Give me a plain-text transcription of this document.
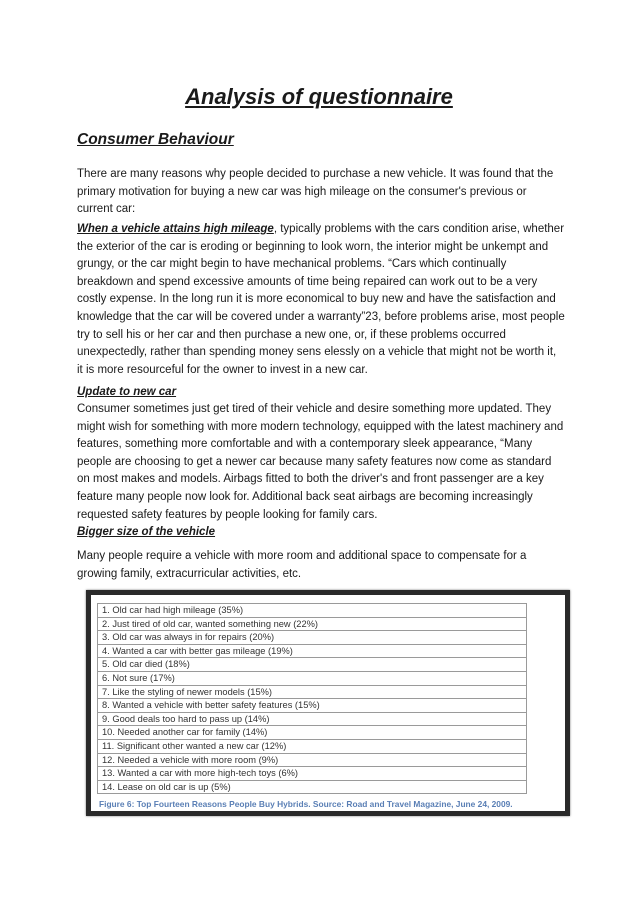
Analysis of questionnaire
Consumer Behaviour

There are many reasons why people decided to purchase a new vehicle. It was found that the primary motivation for buying a new car was high mileage on the consumer's previous or current car:

When a vehicle attains high mileage, typically problems with the cars condition arise, whether the exterior of the car is eroding or beginning to look worn, the interior might be unkempt and grungy, or the car might begin to have mechanical problems. “Cars which continually breakdown and spend excessive amounts of time being repaired can work out to be a very costly expense. In the long run it is more economical to buy new and have the satisfaction and knowledge that the car will be covered under a warranty”23, before problems arise, most people try to sell his or her car and then purchase a new one, or, if these problems occurred unexpectedly, rather than spending money sens elessly on a vehicle that might not be worth it, it is more resourceful for the owner to invest in a new car.

Update to new car

Consumer sometimes just get tired of their vehicle and desire something more updated. They might wish for something with more modern technology, equipped with the latest machinery and features, something more comfortable and with a contemporary sleek appearance, “Many people are choosing to get a newer car because many safety features now come as standard on most makes and models. Airbags fitted to both the driver's and front passenger are a key feature many people now look for. Additional back seat airbags are becoming increasingly requested safety features by people looking for family cars.

Bigger size of the vehicle

Many people require a vehicle with more room and additional space to compensate for a growing family, extracurricular activities, etc.

1. Old car had high mileage (35%)
2. Just tired of old car, wanted something new (22%)
3. Old car was always in for repairs (20%)
4. Wanted a car with better gas mileage (19%)
5. Old car died (18%)
6. Not sure (17%)
7. Like the styling of newer models (15%)
8. Wanted a vehicle with better safety features (15%)
9. Good deals too hard to pass up (14%)
10. Needed another car for family (14%)
11. Significant other wanted a new car (12%)
12. Needed a vehicle with more room (9%)
13. Wanted a car with more high-tech toys (6%)
14. Lease on old car is up (5%)
Figure 6: Top Fourteen Reasons People Buy Hybrids. Source: Road and Travel Magazine, June 24, 2009.
